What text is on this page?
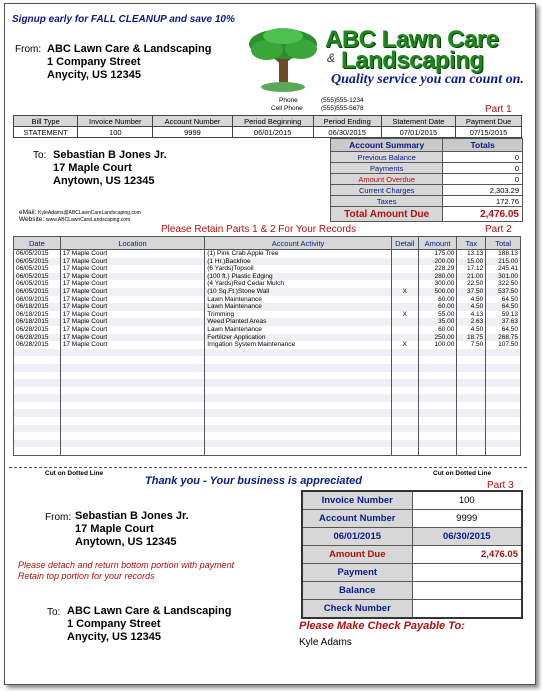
Signup early for FALL CLEANUP and save 10%
From: ABC Lawn Care & Landscaping
1 Company Street
Anycity, US 12345
ABC Lawn Care
& Landscaping
Quality service you can count on.
Phone	(555)555-1234
Cell Phone	(555)555-5678	Part 1
Bill Type	Invoice Number	Account Number	Period Beginning	Period Ending	Statement Date	Payment Due
STATEMENT	100	9999	06/01/2015	06/30/2015	07/01/2015	07/15/2015
To: Sebastian B Jones Jr.
17 Maple Court
Anytown, US 12345
eMail: KyleAdams@ABCLawnCareLandscaping.com
Website: www.ABCLawnCareLandscaping.com
Account Summary	Totals
Previous Balance	0
Payments	0
Amount Overdue	0
Current Charges	2,303.29
Taxes	172.76
Total Amount Due	2,476.05
Please Retain Parts 1 & 2 For Your Records	Part 2
Date	Location	Account Activity	Detail	Amount	Tax	Total
06/05/2015	17 Maple Court	(1) Pink Crab Apple Tree		175.00	13.13	188.13
06/05/2015	17 Maple Court	(1 Hr.)Backhoe		200.00	15.00	215.00
06/05/2015	17 Maple Court	(6 Yards)Topsoil		228.29	17.12	245.41
06/05/2015	17 Maple Court	(100 ft.) Plastic Edging		280.00	21.00	301.00
06/05/2015	17 Maple Court	(4 Yards)Red Cedar Mulch		300.00	22.50	322.50
06/05/2015	17 Maple Court	(10 Sq.Ft.)Stone Wall	X	500.00	37.50	537.50
06/09/2015	17 Maple Court	Lawn Maintenance		60.00	4.50	64.50
06/18/2015	17 Maple Court	Lawn Maintenance		60.00	4.50	64.50
06/18/2015	17 Maple Court	Trimming	X	55.00	4.13	59.13
06/18/2015	17 Maple Court	Weed Planted Areas		35.00	2.63	37.63
06/28/2015	17 Maple Court	Lawn Maintenance		60.00	4.50	64.50
06/28/2015	17 Maple Court	Fertilizer Application		250.00	18.75	268.75
06/28/2015	17 Maple Court	Irrigation System Maintenance	X	100.00	7.50	107.50

Cut on Dotted Line	Cut on Dotted Line
Thank you - Your business is appreciated	Part 3
Invoice Number	100
Account Number	9999
06/01/2015	06/30/2015
Amount Due	2,476.05
Payment	
Balance	
Check Number	
From: Sebastian B Jones Jr.
17 Maple Court
Anytown, US 12345
Please detach and return bottom portion with payment
Retain top portion for your records
To: ABC Lawn Care & Landscaping
1 Company Street
Anycity, US 12345
Please Make Check Payable To:
Kyle Adams
